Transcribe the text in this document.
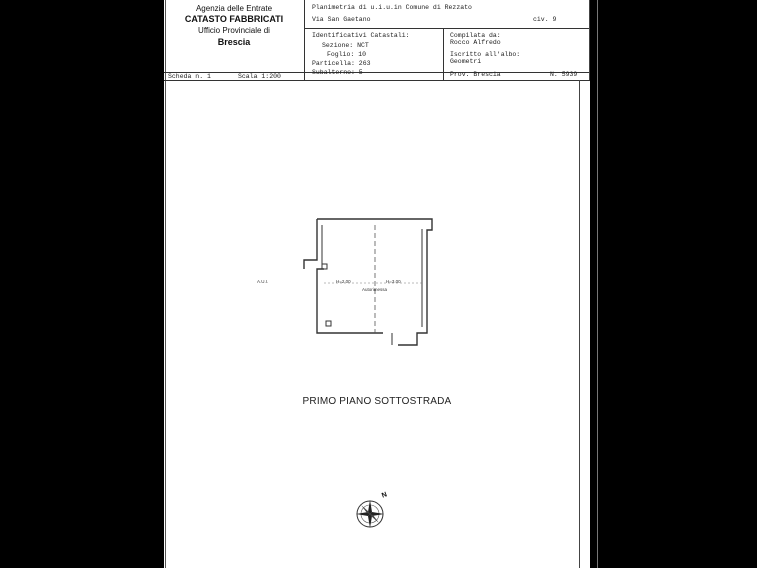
Agenzia delle Entrate
CATASTO FABBRICATI
Ufficio Provinciale di
Brescia
Planimetria di u.i.u.in Comune di Rezzato
Via San Gaetano	civ. 9
Identificativi Catastali:
Sezione: NCT
Foglio: 10
Particella: 263
Subalterno: 5
Compilata da:
Rocco Alfredo
Iscritto all'albo:
Geometri
Prov. Brescia	N. 5939
Scheda n. 1	Scala 1:200
A.U.I.	H=2.00	H=3.00
Autorimessa
PRIMO PIANO SOTTOSTRADA
N
